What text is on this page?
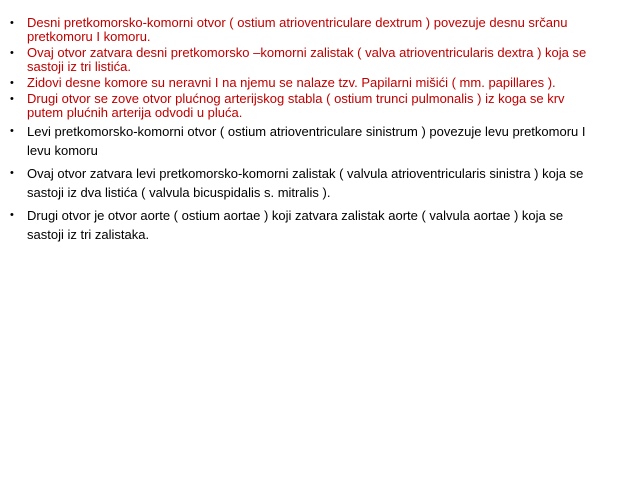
• Desni pretkomorsko-komorni otvor ( ostium atrioventriculare dextrum ) povezuje desnu srčanu pretkomoru I komoru.
• Ovaj otvor zatvara desni pretkomorsko –komorni zalistak ( valva atrioventricularis dextra ) koja se sastoji iz tri listića.
• Zidovi desne komore su neravni I na njemu se nalaze tzv. Papilarni mišići ( mm. papillares ).
• Drugi otvor se zove otvor plućnog arterijskog stabla ( ostium trunci pulmonalis ) iz koga se krv putem plućnih arterija odvodi u pluća.
• Levi pretkomorsko-komorni otvor ( ostium atrioventriculare sinistrum ) povezuje levu pretkomoru I levu komoru
• Ovaj otvor zatvara levi pretkomorsko-komorni zalistak ( valvula atrioventricularis sinistra ) koja se sastoji iz dva listića ( valvula bicuspidalis s. mitralis ).
• Drugi otvor je otvor aorte ( ostium aortae ) koji zatvara zalistak aorte ( valvula aortae ) koja se sastoji iz tri zalistaka.
